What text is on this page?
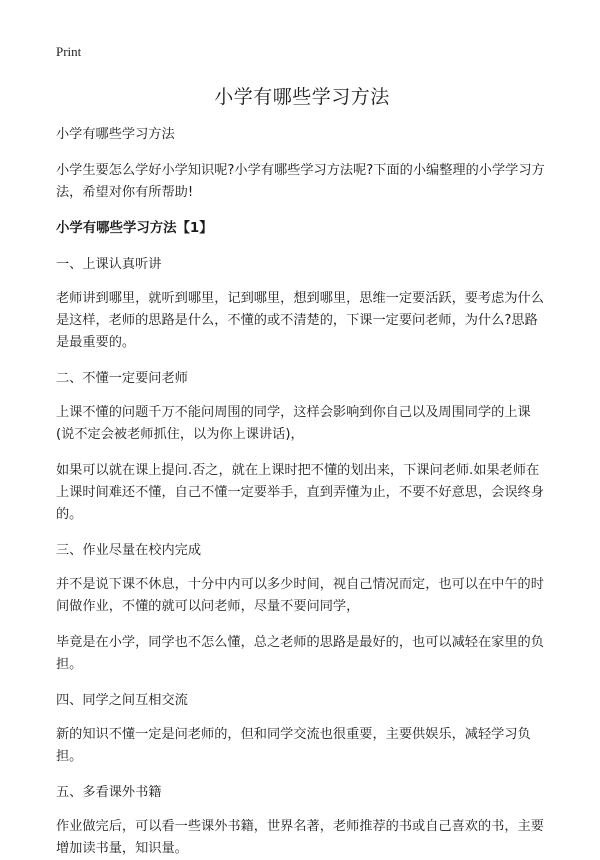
Print
小学有哪些学习方法

小学有哪些学习方法

小学生要怎么学好小学知识呢?小学有哪些学习方法呢?下面的小编整理的小学学习方法，希望对你有所帮助!

小学有哪些学习方法【1】

一、上课认真听讲

老师讲到哪里，就听到哪里，记到哪里，想到哪里，思维一定要活跃，要考虑为什么是这样，老师的思路是什么，不懂的或不清楚的，下课一定要问老师，为什么?思路是最重要的。

二、不懂一定要问老师

上课不懂的问题千万不能问周围的同学，这样会影响到你自己以及周围同学的上课(说不定会被老师抓住，以为你上课讲话)，

如果可以就在课上提问.否之，就在上课时把不懂的划出来，下课问老师.如果老师在上课时间难还不懂，自己不懂一定要举手，直到弄懂为止，不要不好意思，会误终身的。

三、作业尽量在校内完成

并不是说下课不休息，十分中内可以多少时间，视自己情况而定，也可以在中午的时间做作业，不懂的就可以问老师，尽量不要问同学，

毕竟是在小学，同学也不怎么懂，总之老师的思路是最好的，也可以减轻在家里的负担。

四、同学之间互相交流

新的知识不懂一定是问老师的，但和同学交流也很重要，主要供娱乐，减轻学习负担。

五、多看课外书籍

作业做完后，可以看一些课外书籍，世界名著，老师推荐的书或自己喜欢的书，主要增加读书量，知识量。
